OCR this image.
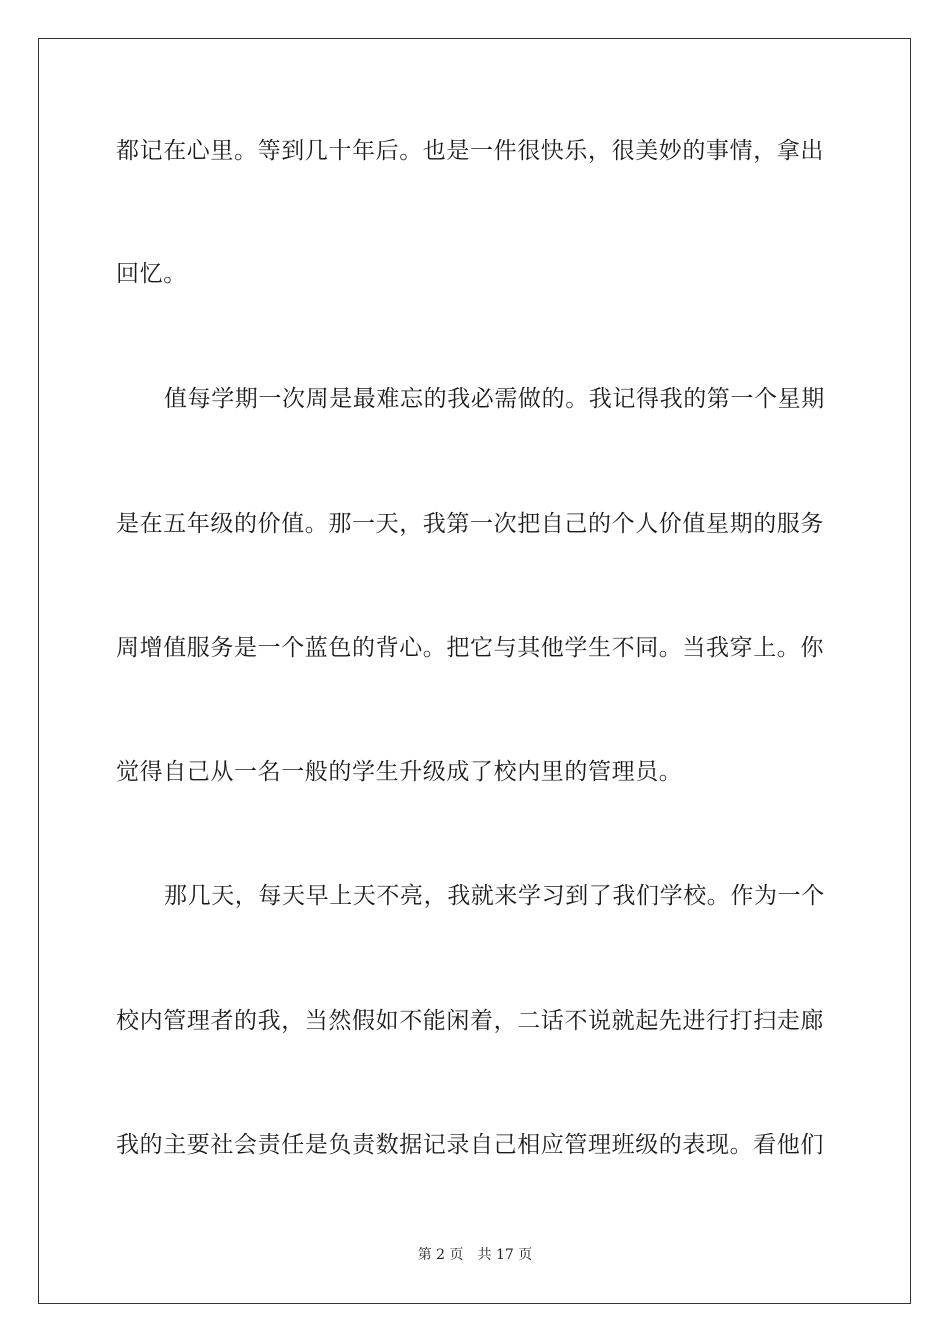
都记在心里。等到几十年后。也是一件很快乐，很美妙的事情，拿出
回忆。
值每学期一次周是最难忘的我必需做的。我记得我的第一个星期
是在五年级的价值。那一天，我第一次把自己的个人价值星期的服务
周增值服务是一个蓝色的背心。把它与其他学生不同。当我穿上。你
觉得自己从一名一般的学生升级成了校内里的管理员。
那几天，每天早上天不亮，我就来学习到了我们学校。作为一个
校内管理者的我，当然假如不能闲着，二话不说就起先进行打扫走廊
我的主要社会责任是负责数据记录自己相应管理班级的表现。看他们
第 2 页 共 17 页
